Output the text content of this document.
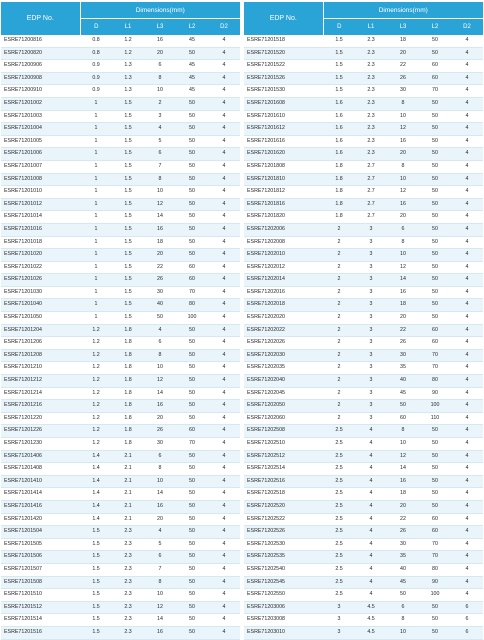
EDP No.	Dimensions(mm)				
	D	L1	L3	L2	D2
ESRE71200816	0.8	1.2	16	45	4
ESRE71200820	0.8	1.2	20	50	4
ESRE71200906	0.9	1.3	6	45	4
ESRE71200908	0.9	1.3	8	45	4
ESRE71200910	0.9	1.3	10	45	4
ESRE71201002	1	1.5	2	50	4
ESRE71201003	1	1.5	3	50	4
ESRE71201004	1	1.5	4	50	4
ESRE71201005	1	1.5	5	50	4
ESRE71201006	1	1.5	6	50	4
ESRE71201007	1	1.5	7	50	4
ESRE71201008	1	1.5	8	50	4
ESRE71201010	1	1.5	10	50	4
ESRE71201012	1	1.5	12	50	4
ESRE71201014	1	1.5	14	50	4
ESRE71201016	1	1.5	16	50	4
ESRE71201018	1	1.5	18	50	4
ESRE71201020	1	1.5	20	50	4
ESRE71201022	1	1.5	22	60	4
ESRE71201026	1	1.5	26	60	4
ESRE71201030	1	1.5	30	70	4
ESRE71201040	1	1.5	40	80	4
ESRE71201050	1	1.5	50	100	4
ESRE71201204	1.2	1.8	4	50	4
ESRE71201206	1.2	1.8	6	50	4
ESRE71201208	1.2	1.8	8	50	4
ESRE71201210	1.2	1.8	10	50	4
ESRE71201212	1.2	1.8	12	50	4
ESRE71201214	1.2	1.8	14	50	4
ESRE71201216	1.2	1.8	16	50	4
ESRE71201220	1.2	1.8	20	50	4
ESRE71201226	1.2	1.8	26	60	4
ESRE71201230	1.2	1.8	30	70	4
ESRE71201406	1.4	2.1	6	50	4
ESRE71201408	1.4	2.1	8	50	4
ESRE71201410	1.4	2.1	10	50	4
ESRE71201414	1.4	2.1	14	50	4
ESRE71201416	1.4	2.1	16	50	4
ESRE71201420	1.4	2.1	20	50	4
ESRE71201504	1.5	2.3	4	50	4
ESRE71201505	1.5	2.3	5	50	4
ESRE71201506	1.5	2.3	6	50	4
ESRE71201507	1.5	2.3	7	50	4
ESRE71201508	1.5	2.3	8	50	4
ESRE71201510	1.5	2.3	10	50	4
ESRE71201512	1.5	2.3	12	50	4
ESRE71201514	1.5	2.3	14	50	4
ESRE71201516	1.5	2.3	16	50	4
EDP No.	Dimensions(mm)				
	D	L1	L3	L2	D2
ESRE71201518	1.5	2.3	18	50	4
ESRE71201520	1.5	2.3	20	50	4
ESRE71201522	1.5	2.3	22	60	4
ESRE71201526	1.5	2.3	26	60	4
ESRE71201530	1.5	2.3	30	70	4
ESRE71201608	1.6	2.3	8	50	4
ESRE71201610	1.6	2.3	10	50	4
ESRE71201612	1.6	2.3	12	50	4
ESRE71201616	1.6	2.3	16	50	4
ESRE71201620	1.6	2.3	20	50	4
ESRE71201808	1.8	2.7	8	50	4
ESRE71201810	1.8	2.7	10	50	4
ESRE71201812	1.8	2.7	12	50	4
ESRE71201816	1.8	2.7	16	50	4
ESRE71201820	1.8	2.7	20	50	4
ESRE71202006	2	3	6	50	4
ESRE71202008	2	3	8	50	4
ESRE71202010	2	3	10	50	4
ESRE71202012	2	3	12	50	4
ESRE71202014	2	3	14	50	4
ESRE71202016	2	3	16	50	4
ESRE71202018	2	3	18	50	4
ESRE71202020	2	3	20	50	4
ESRE71202022	2	3	22	60	4
ESRE71202026	2	3	26	60	4
ESRE71202030	2	3	30	70	4
ESRE71202035	2	3	35	70	4
ESRE71202040	2	3	40	80	4
ESRE71202045	2	3	45	90	4
ESRE71202050	2	3	50	100	4
ESRE71202060	2	3	60	110	4
ESRE71202508	2.5	4	8	50	4
ESRE71202510	2.5	4	10	50	4
ESRE71202512	2.5	4	12	50	4
ESRE71202514	2.5	4	14	50	4
ESRE71202516	2.5	4	16	50	4
ESRE71202518	2.5	4	18	50	4
ESRE71202520	2.5	4	20	50	4
ESRE71202522	2.5	4	22	60	4
ESRE71202526	2.5	4	26	60	4
ESRE71202530	2.5	4	30	70	4
ESRE71202535	2.5	4	35	70	4
ESRE71202540	2.5	4	40	80	4
ESRE71202545	2.5	4	45	90	4
ESRE71202550	2.5	4	50	100	4
ESRE71203006	3	4.5	6	50	6
ESRE71203008	3	4.5	8	50	6
ESRE71203010	3	4.5	10	50	6
